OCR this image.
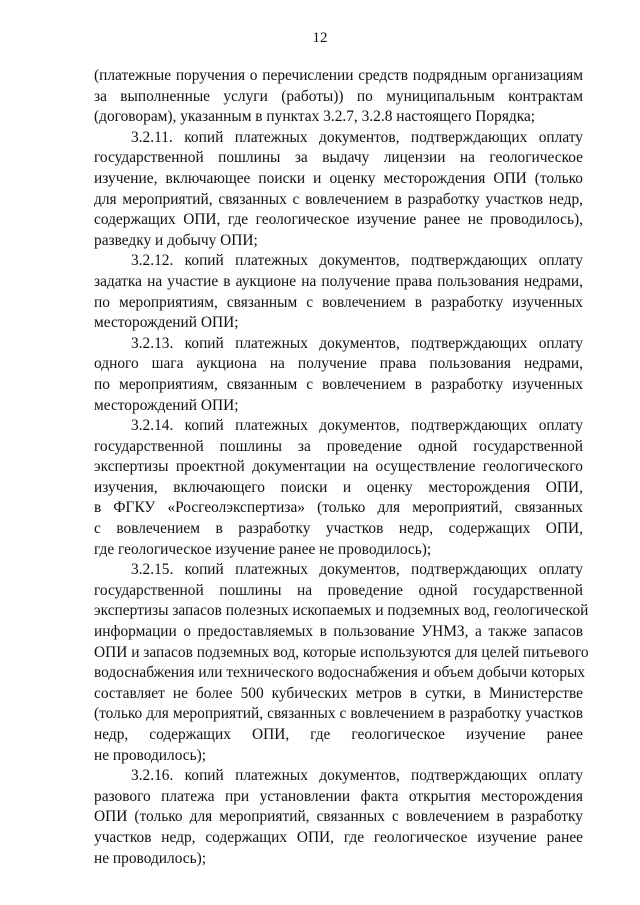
12
(платежные поручения о перечислении средств подрядным организациям
за выполненные услуги (работы)) по муниципальным контрактам
(договорам), указанным в пунктах 3.2.7, 3.2.8 настоящего Порядка;
3.2.11. копий платежных документов, подтверждающих оплату
государственной пошлины за выдачу лицензии на геологическое
изучение, включающее поиски и оценку месторождения ОПИ (только
для мероприятий, связанных с вовлечением в разработку участков недр,
содержащих ОПИ, где геологическое изучение ранее не проводилось),
разведку и добычу ОПИ;
3.2.12. копий платежных документов, подтверждающих оплату
задатка на участие в аукционе на получение права пользования недрами,
по мероприятиям, связанным с вовлечением в разработку изученных
месторождений ОПИ;
3.2.13. копий платежных документов, подтверждающих оплату
одного шага аукциона на получение права пользования недрами,
по мероприятиям, связанным с вовлечением в разработку изученных
месторождений ОПИ;
3.2.14. копий платежных документов, подтверждающих оплату
государственной пошлины за проведение одной государственной
экспертизы проектной документации на осуществление геологического
изучения, включающего поиски и оценку месторождения ОПИ,
в ФГКУ «Росгеолэкспертиза» (только для мероприятий, связанных
с вовлечением в разработку участков недр, содержащих ОПИ,
где геологическое изучение ранее не проводилось);
3.2.15. копий платежных документов, подтверждающих оплату
государственной пошлины на проведение одной государственной
экспертизы запасов полезных ископаемых и подземных вод, геологической
информации о предоставляемых в пользование УНМЗ, а также запасов
ОПИ и запасов подземных вод, которые используются для целей питьевого
водоснабжения или технического водоснабжения и объем добычи которых
составляет не более 500 кубических метров в сутки, в Министерстве
(только для мероприятий, связанных с вовлечением в разработку участков
недр, содержащих ОПИ, где геологическое изучение ранее
не проводилось);
3.2.16. копий платежных документов, подтверждающих оплату
разового платежа при установлении факта открытия месторождения
ОПИ (только для мероприятий, связанных с вовлечением в разработку
участков недр, содержащих ОПИ, где геологическое изучение ранее
не проводилось);
